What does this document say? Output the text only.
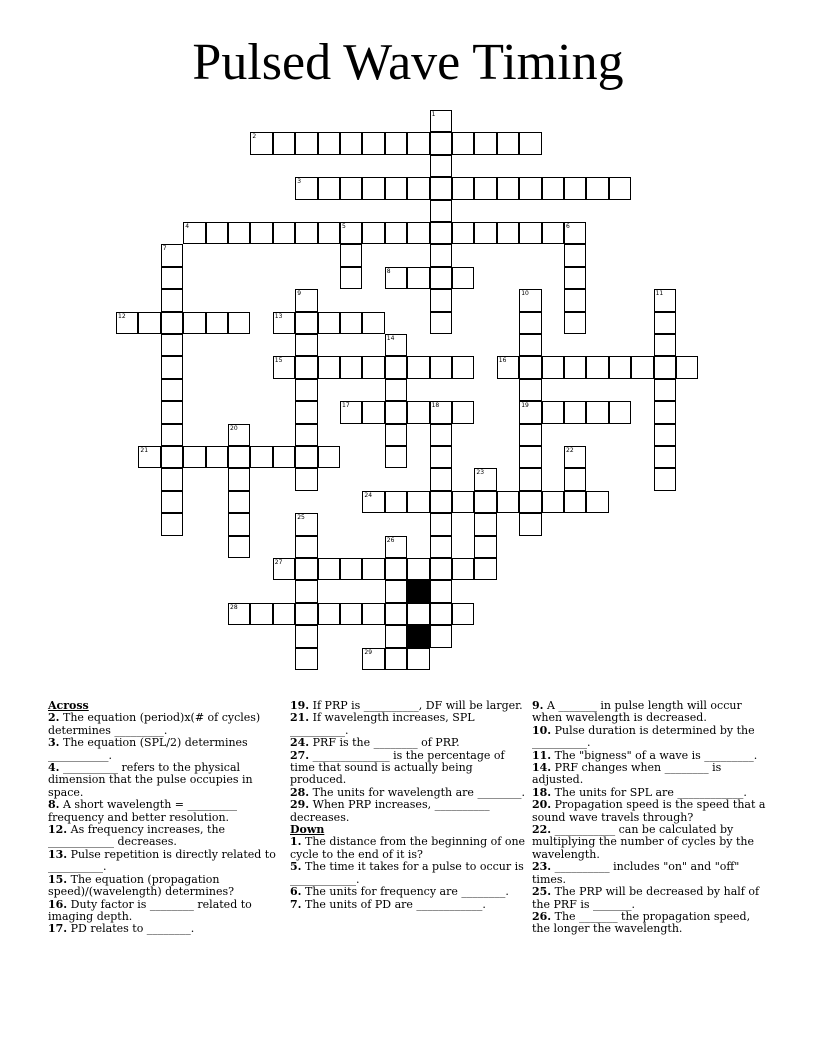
Pulsed Wave Timing
2
3
4	5	6
8
12	13
15	16
17	18	19
21
24
27
28
29
1
7
9	10	11
14
20
22
23
25
26
Across
2. The equation (period)x(# of cycles) determines _________.
3. The equation (SPL/2) determines ___________.
4. __________ refers to the physical dimension that the pulse occupies in space.
8. A short wavelength = _________ frequency and better resolution.
12. As frequency increases, the ____________ decreases.
13. Pulse repetition is directly related to __________.
15. The equation (propagation speed)/(wavelength) determines?
16. Duty factor is ________ related to imaging depth.
17. PD relates to ________.
19. If PRP is __________, DF will be larger.
21. If wavelength increases, SPL __________.
24. PRF is the ________ of PRP.
27. ______________ is the percentage of time that sound is actually being produced.
28. The units for wavelength are ________.
29. When PRP increases, __________ decreases.
Down
1. The distance from the beginning of one cycle to the end of it is?
5. The time it takes for a pulse to occur is ____________.
6. The units for frequency are ________.
7. The units of PD are ____________.
9. A _______ in pulse length will occur when wavelength is decreased.
10. Pulse duration is determined by the __________.
11. The "bigness" of a wave is _________.
14. PRF changes when ________ is adjusted.
18. The units for SPL are ____________.
20. Propagation speed is the speed that a sound wave travels through?
22. ___________ can be calculated by multiplying the number of cycles by the wavelength.
23. __________ includes "on" and "off" times.
25. The PRP will be decreased by half of the PRF is _______.
26. The _______ the propagation speed, the longer the wavelength.
